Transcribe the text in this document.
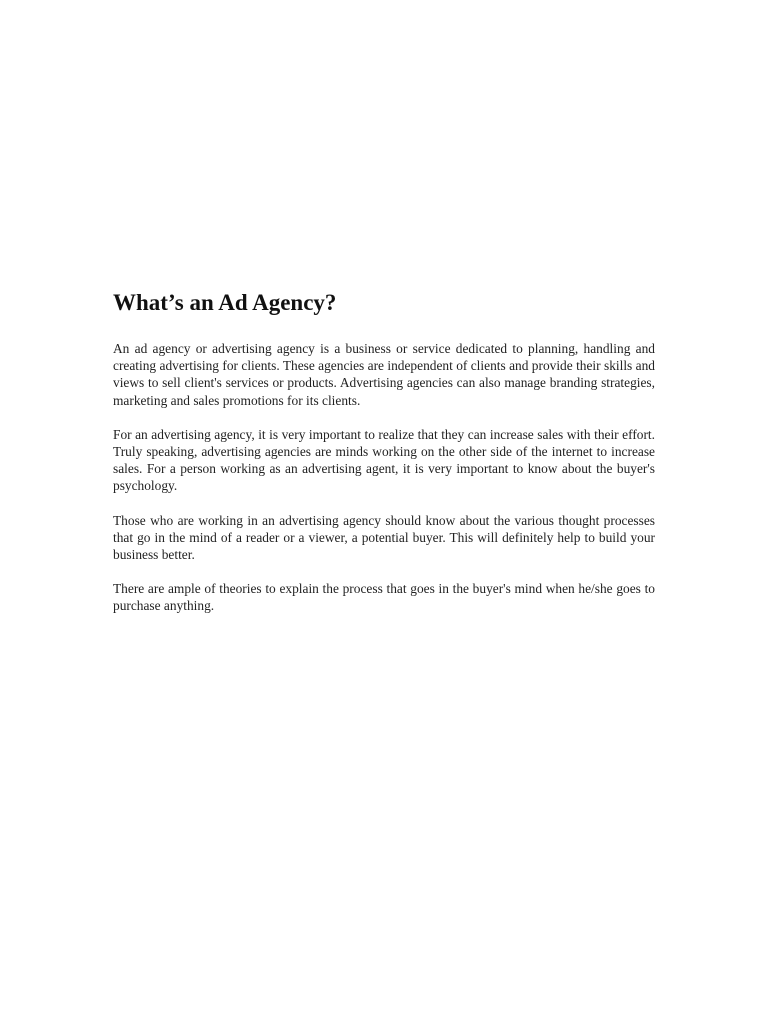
What’s an Ad Agency?

An ad agency or advertising agency is a business or service dedicated to planning, handling and creating advertising for clients. These agencies are independent of clients and provide their skills and views to sell client's services or products. Advertising agencies can also manage branding strategies, marketing and sales promotions for its clients.

For an advertising agency, it is very important to realize that they can increase sales with their effort. Truly speaking, advertising agencies are minds working on the other side of the internet to increase sales. For a person working as an advertising agent, it is very important to know about the buyer's psychology.

Those who are working in an advertising agency should know about the various thought processes that go in the mind of a reader or a viewer, a potential buyer. This will definitely help to build your business better.

There are ample of theories to explain the process that goes in the buyer's mind when he/she goes to purchase anything.
